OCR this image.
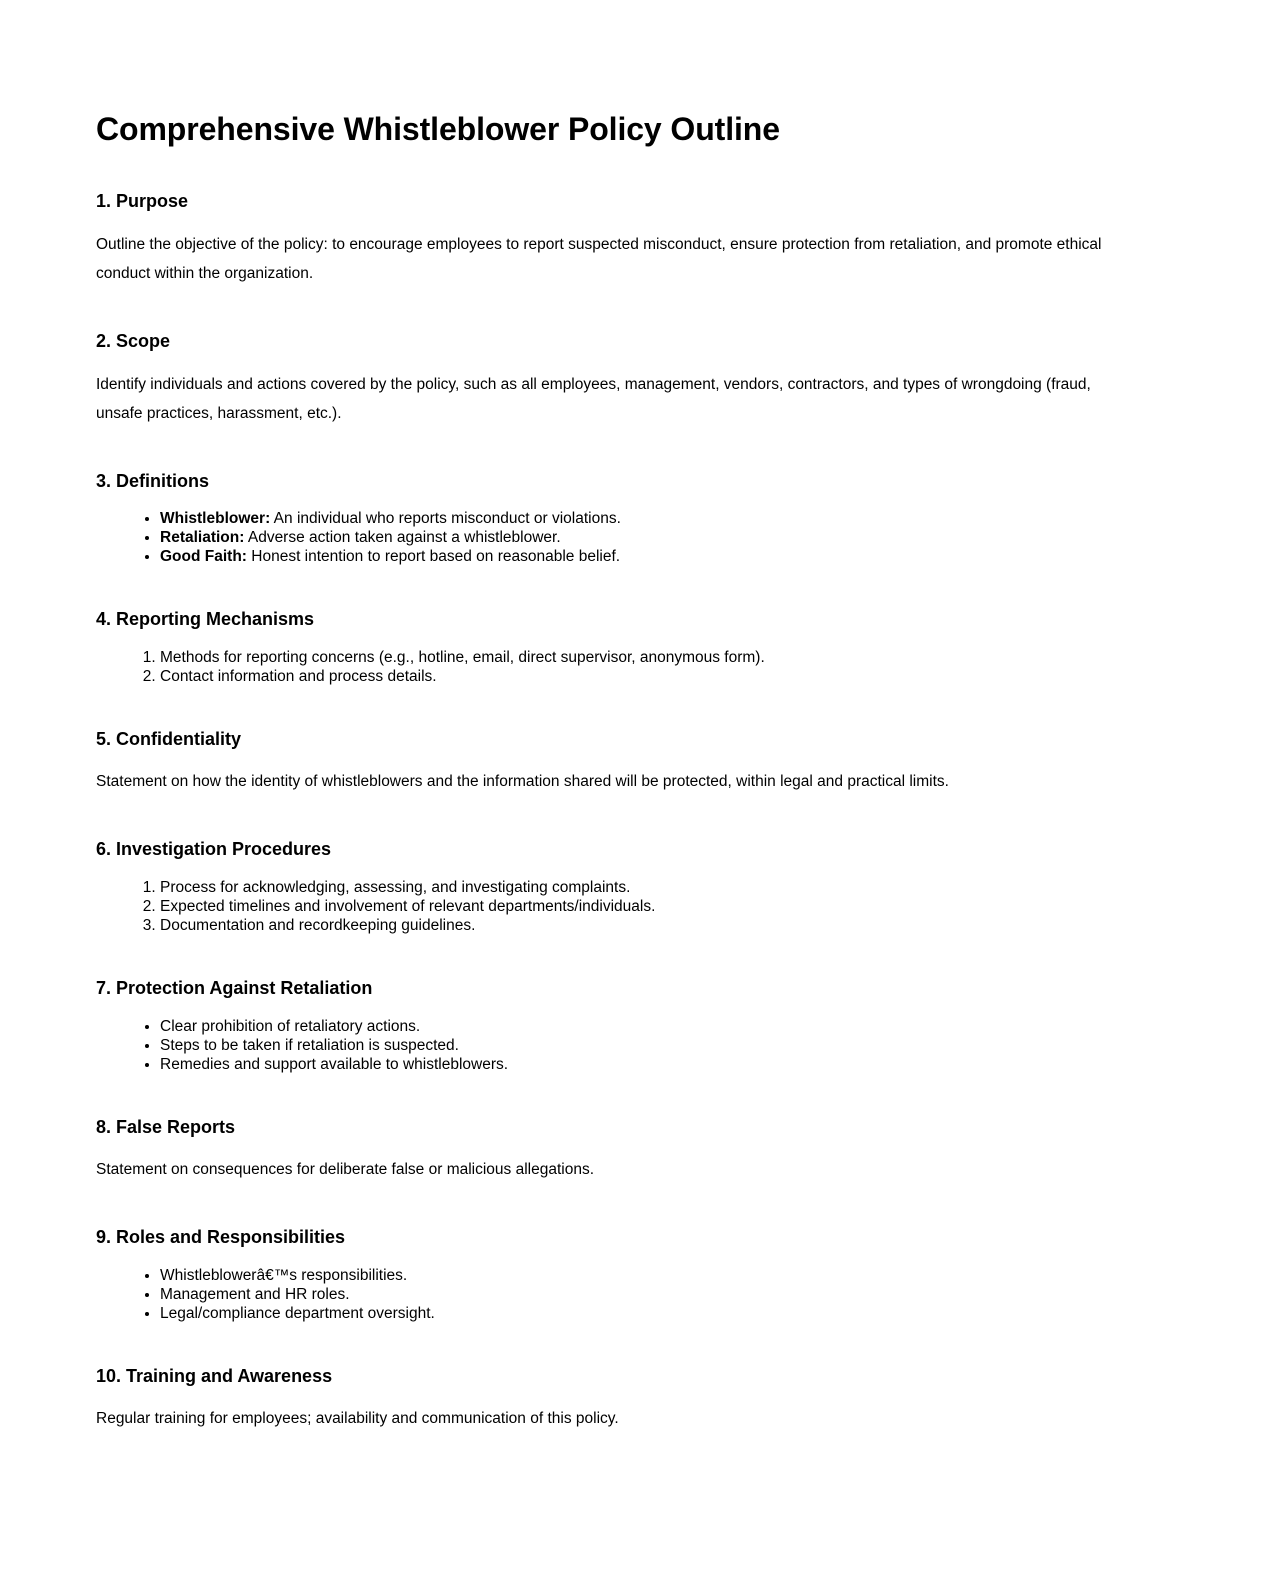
Comprehensive Whistleblower Policy Outline
1. Purpose

Outline the objective of the policy: to encourage employees to report suspected misconduct, ensure protection from retaliation, and promote ethical conduct within the organization.

2. Scope

Identify individuals and actions covered by the policy, such as all employees, management, vendors, contractors, and types of wrongdoing (fraud, unsafe practices, harassment, etc.).

3. Definitions
• Whistleblower: An individual who reports misconduct or violations.
• Retaliation: Adverse action taken against a whistleblower.
• Good Faith: Honest intention to report based on reasonable belief.
4. Reporting Mechanisms
1. Methods for reporting concerns (e.g., hotline, email, direct supervisor, anonymous form).
2. Contact information and process details.
5. Confidentiality

Statement on how the identity of whistleblowers and the information shared will be protected, within legal and practical limits.

6. Investigation Procedures
1. Process for acknowledging, assessing, and investigating complaints.
2. Expected timelines and involvement of relevant departments/individuals.
3. Documentation and recordkeeping guidelines.
7. Protection Against Retaliation
• Clear prohibition of retaliatory actions.
• Steps to be taken if retaliation is suspected.
• Remedies and support available to whistleblowers.
8. False Reports

Statement on consequences for deliberate false or malicious allegations.

9. Roles and Responsibilities
• Whistleblowerâ€™s responsibilities.
• Management and HR roles.
• Legal/compliance department oversight.
10. Training and Awareness

Regular training for employees; availability and communication of this policy.
